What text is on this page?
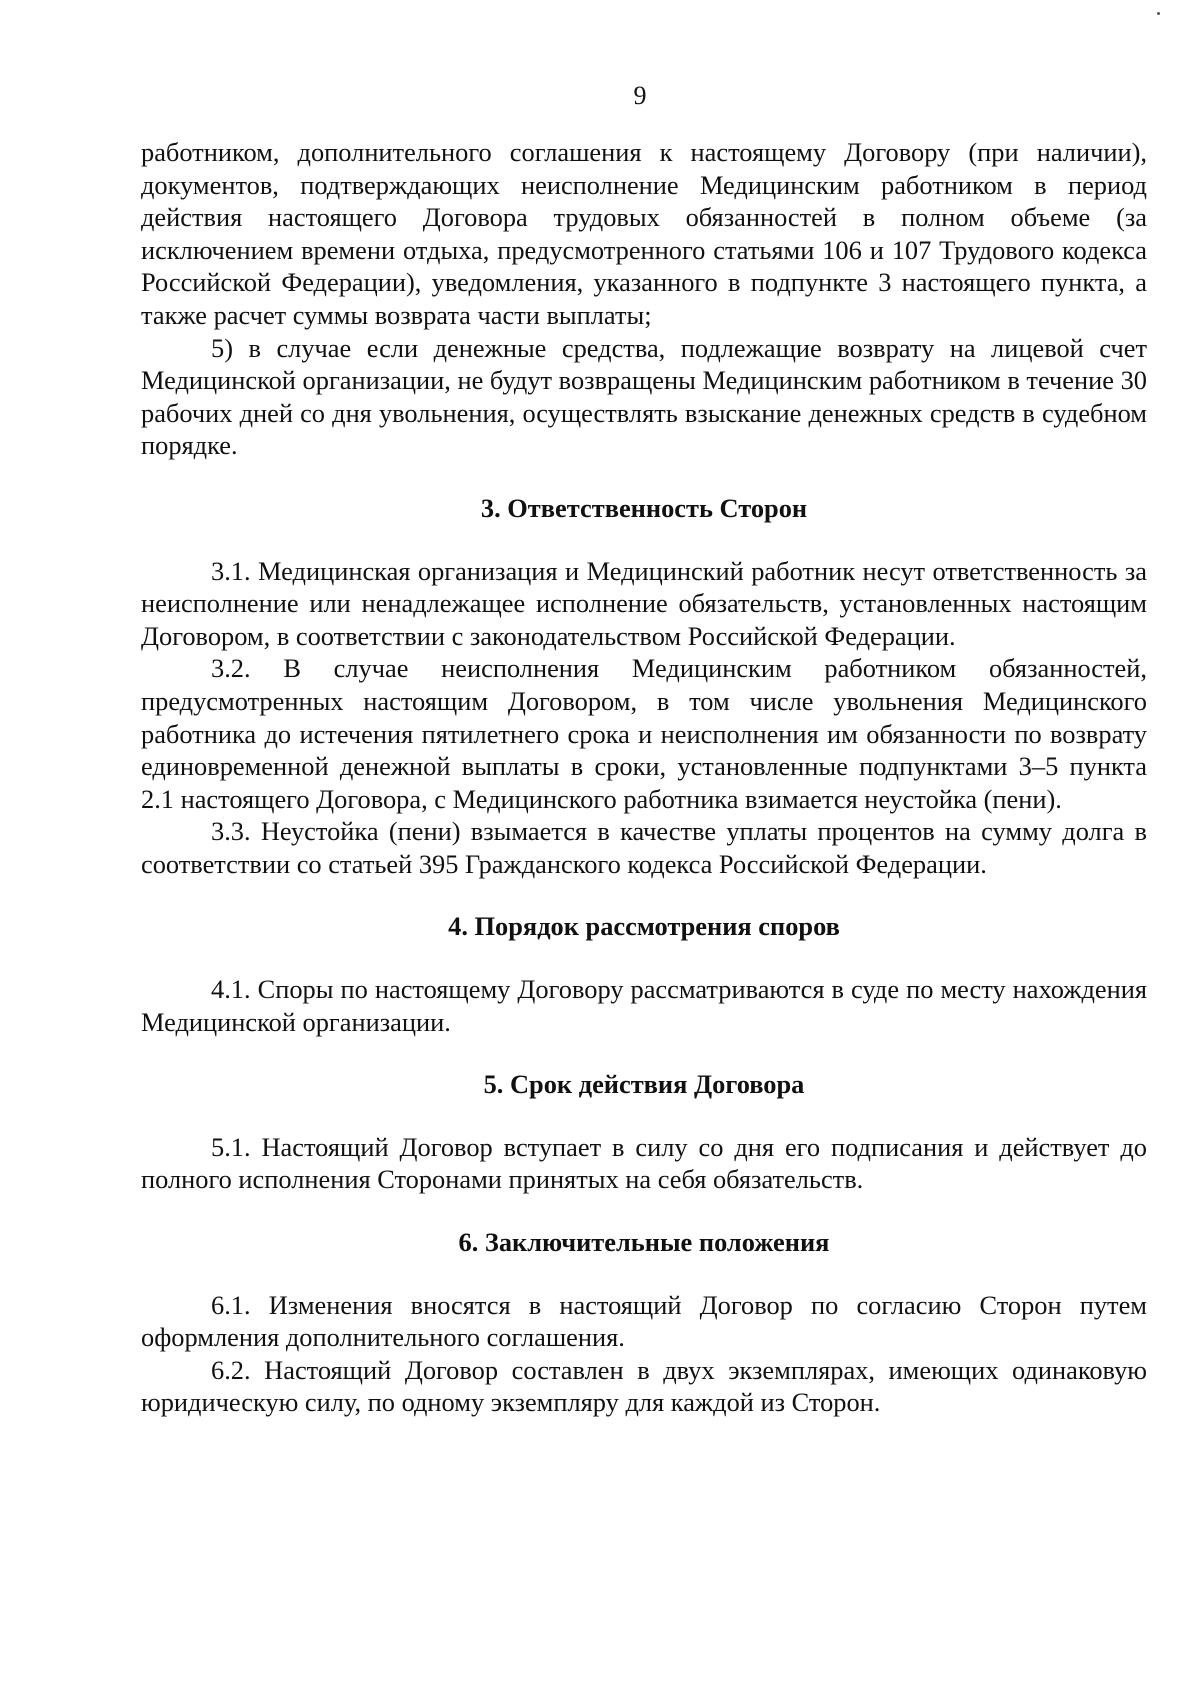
9

работником, дополнительного соглашения к настоящему Договору (при наличии), документов, подтверждающих неисполнение Медицинским работником в период действия настоящего Договора трудовых обязанностей в полном объеме (за исключением времени отдыха, предусмотренного статьями 106 и 107 Трудового кодекса Российской Федерации), уведомления, указанного в подпункте 3 настоящего пункта, а также расчет суммы возврата части выплаты;

5) в случае если денежные средства, подлежащие возврату на лицевой счет Медицинской организации, не будут возвращены Медицинским работником в течение 30 рабочих дней со дня увольнения, осуществлять взыскание денежных средств в судебном порядке.

3. Ответственность Сторон

3.1. Медицинская организация и Медицинский работник несут ответственность за неисполнение или ненадлежащее исполнение обязательств, установленных настоящим Договором, в соответствии с законодательством Российской Федерации.

3.2. В случае неисполнения Медицинским работником обязанностей, предусмотренных настоящим Договором, в том числе увольнения Медицинского работника до истечения пятилетнего срока и неисполнения им обязанности по возврату единовременной денежной выплаты в сроки, установленные подпунктами 3–5 пункта 2.1 настоящего Договора, с Медицинского работника взимается неустойка (пени).

3.3. Неустойка (пени) взымается в качестве уплаты процентов на сумму долга в соответствии со статьей 395 Гражданского кодекса Российской Федерации.

4. Порядок рассмотрения споров

4.1. Споры по настоящему Договору рассматриваются в суде по месту нахождения Медицинской организации.

5. Срок действия Договора

5.1. Настоящий Договор вступает в силу со дня его подписания и действует до полного исполнения Сторонами принятых на себя обязательств.

6. Заключительные положения

6.1. Изменения вносятся в настоящий Договор по согласию Сторон путем оформления дополнительного соглашения.

6.2. Настоящий Договор составлен в двух экземплярах, имеющих одинаковую юридическую силу, по одному экземпляру для каждой из Сторон.
